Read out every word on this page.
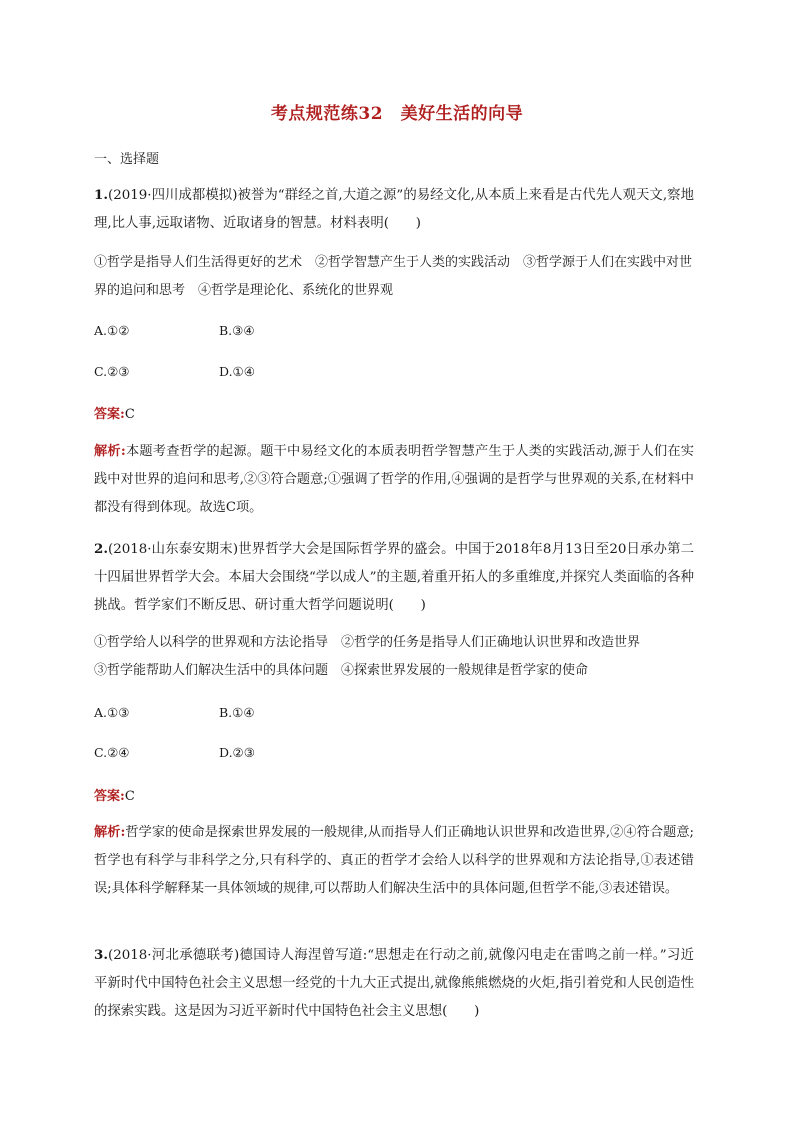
考点规范练32　美好生活的向导
一、选择题
1.(2019·四川成都模拟)被誉为“群经之首,大道之源”的易经文化,从本质上来看是古代先人观天文,察地理,比人事,远取诸物、近取诸身的智慧。材料表明(　　)
①哲学是指导人们生活得更好的艺术　②哲学智慧产生于人类的实践活动　③哲学源于人们在实践中对世界的追问和思考　④哲学是理论化、系统化的世界观
A.①②	B.③④
C.②③	D.①④
答案:C
解析:本题考查哲学的起源。题干中易经文化的本质表明哲学智慧产生于人类的实践活动,源于人们在实践中对世界的追问和思考,②③符合题意;①强调了哲学的作用,④强调的是哲学与世界观的关系,在材料中都没有得到体现。故选C项。
2.(2018·山东泰安期末)世界哲学大会是国际哲学界的盛会。中国于2018年8月13日至20日承办第二十四届世界哲学大会。本届大会围绕“学以成人”的主题,着重开拓人的多重维度,并探究人类面临的各种挑战。哲学家们不断反思、研讨重大哲学问题说明(　　)
①哲学给人以科学的世界观和方法论指导　②哲学的任务是指导人们正确地认识世界和改造世界
③哲学能帮助人们解决生活中的具体问题　④探索世界发展的一般规律是哲学家的使命
A.①③	B.①④
C.②④	D.②③
答案:C
解析:哲学家的使命是探索世界发展的一般规律,从而指导人们正确地认识世界和改造世界,②④符合题意;哲学也有科学与非科学之分,只有科学的、真正的哲学才会给人以科学的世界观和方法论指导,①表述错误;具体科学解释某一具体领域的规律,可以帮助人们解决生活中的具体问题,但哲学不能,③表述错误。
3.(2018·河北承德联考)德国诗人海涅曾写道:“思想走在行动之前,就像闪电走在雷鸣之前一样。”习近平新时代中国特色社会主义思想一经党的十九大正式提出,就像熊熊燃烧的火炬,指引着党和人民创造性的探索实践。这是因为习近平新时代中国特色社会主义思想(　　)
